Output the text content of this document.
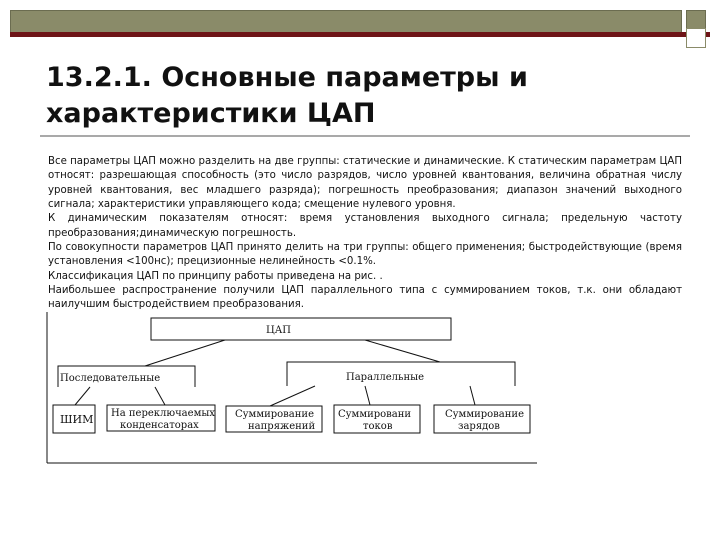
13.2.1. Основные параметры и характеристики ЦАП

Все параметры ЦАП можно разделить на две группы: статические и динамические. К статическим параметрам ЦАП относят: разрешающая способность (это число разрядов, число уровней квантования, величина обратная числу уровней квантования, вес младшего разряда); погрешность преобразования; диапазон значений выходного сигнала; характеристики управляющего кода; смещение нулевого уровня.

К динамическим показателям относят: время установления выходного сигнала; предельную частоту преобразования;динамическую погрешность.

По совокупности параметров ЦАП принято делить на три группы: общего применения; быстродействующие (время установления <100нс); прецизионные нелинейность <0.1%.

Классификация ЦАП по принципу работы приведена на рис. .

Наибольшее распространение получили ЦАП параллельного типа с суммированием токов, т.к. они обладают наилучшим быстродействием преобразования.

ЦАП
Последовательные	Параллельные
ШИМ На переключаемых
конденсаторах
Суммирование
напряжений
Суммировани
токов
Суммирование
зарядов
